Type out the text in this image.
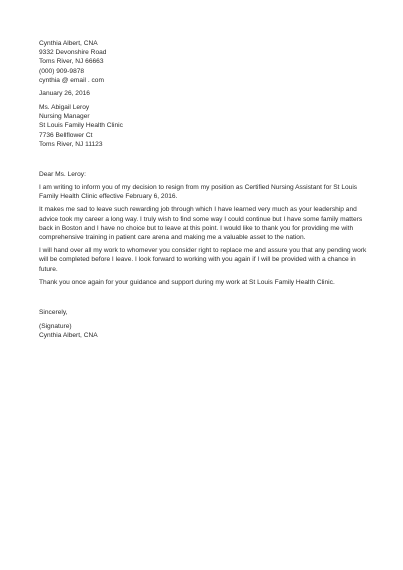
Cynthia Albert, CNA
9332 Devonshire Road
Toms River, NJ 66663
(000) 909-9878
cynthia @ email . com
January 26, 2016
Ms. Abigail Leroy
Nursing Manager
St Louis Family Health Clinic
7736 Bellflower Ct
Toms River, NJ 11123
Dear Ms. Leroy:

I am writing to inform you of my decision to resign from my position as Certified Nursing Assistant for St Louis Family Health Clinic effective February 6, 2016.

It makes me sad to leave such rewarding job through which I have learned very much as your leadership and advice took my career a long way. I truly wish to find some way I could continue but I have some family matters back in Boston and I have no choice but to leave at this point. I would like to thank you for providing me with comprehensive training in patient care arena and making me a valuable asset to the nation.

I will hand over all my work to whomever you consider right to replace me and assure you that any pending work will be completed before I leave. I look forward to working with you again if I will be provided with a chance in future.

Thank you once again for your guidance and support during my work at St Louis Family Health Clinic.

Sincerely,
(Signature)
Cynthia Albert, CNA
